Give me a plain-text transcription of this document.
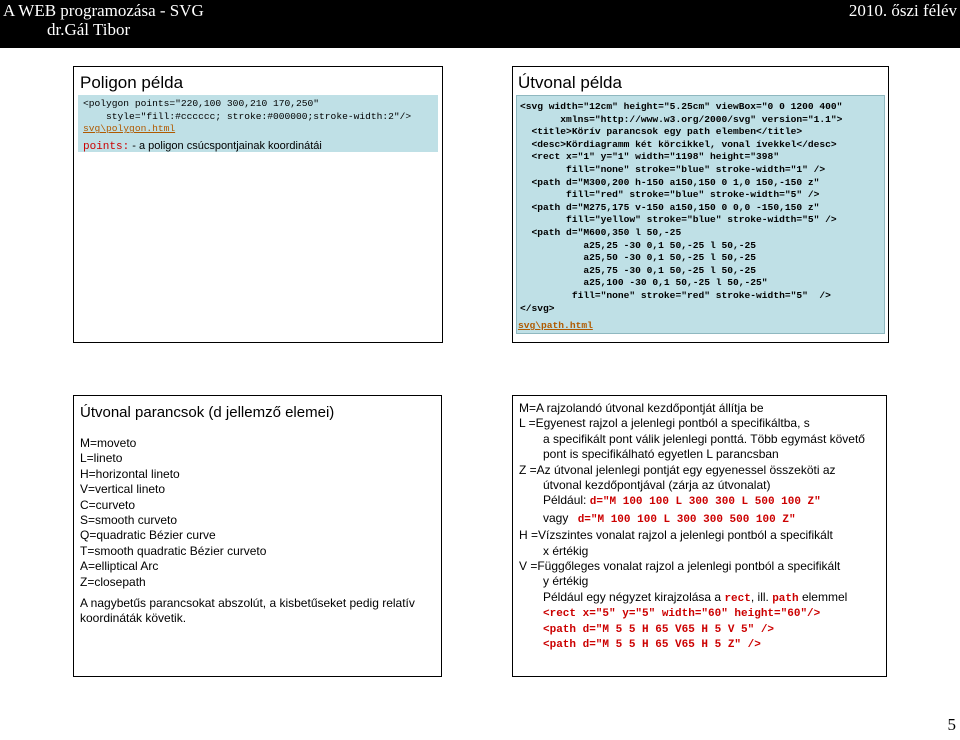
A WEB programozása - SVG
dr.Gál Tibor
2010. őszi félév
Poligon példa
<polygon points="220,100 300,210 170,250"
style="fill:#cccccc; stroke:#000000;stroke-width:2"/>
svg\polygon.html
points: - a poligon csúcspontjainak koordinátái
Útvonal példa
<svg width="12cm" height="5.25cm" viewBox="0 0 1200 400"
xmlns="http://www.w3.org/2000/svg" version="1.1">
<title>Körív parancsok egy path elemben</title>
<desc>Kördiagramm két körcikkel, vonal ívekkel</desc>
<rect x="1" y="1" width="1198" height="398"
fill="none" stroke="blue" stroke-width="1" />
<path d="M300,200 h-150 a150,150 0 1,0 150,-150 z"
fill="red" stroke="blue" stroke-width="5" />
<path d="M275,175 v-150 a150,150 0 0,0 -150,150 z"
fill="yellow" stroke="blue" stroke-width="5" />
<path d="M600,350 l 50,-25
a25,25 -30 0,1 50,-25 l 50,-25
a25,50 -30 0,1 50,-25 l 50,-25
a25,75 -30 0,1 50,-25 l 50,-25
a25,100 -30 0,1 50,-25 l 50,-25"
fill="none" stroke="red" stroke-width="5"  />
</svg>
svg\path.html
Útvonal parancsok (d jellemző elemei)
M=moveto
L=lineto
H=horizontal lineto
V=vertical lineto
C=curveto
S=smooth curveto
Q=quadratic Bézier curve
T=smooth quadratic Bézier curveto
A=elliptical Arc
Z=closepath
A nagybetűs parancsokat abszolút, a kisbetűseket pedig relatív
koordináták követik.
M=A rajzolandó útvonal kezdőpontját állítja be
L =Egyenest rajzol a jelenlegi pontból a specifikáltba, s
a specifikált pont válik jelenlegi ponttá. Több egymást követő
pont is specifikálható egyetlen L parancsban
Z =Az útvonal jelenlegi pontját egy egyenessel összeköti az
útvonal kezdőpontjával (zárja az útvonalat)
Például: d="M 100 100 L 300 300 L 500 100 Z"
vagy d="M 100 100 L 300 300 500 100 Z"
H =Vízszintes vonalat rajzol a jelenlegi pontból a specifikált
x értékig
V =Függőleges vonalat rajzol a jelenlegi pontból a specifikált
y értékig
Például egy négyzet kirajzolása a rect, ill. path elemmel
<rect x="5" y="5" width="60" height="60"/>
<path d="M 5 5 H 65 V65 H 5 V 5" />
<path d="M 5 5 H 65 V65 H 5 Z" />
5
